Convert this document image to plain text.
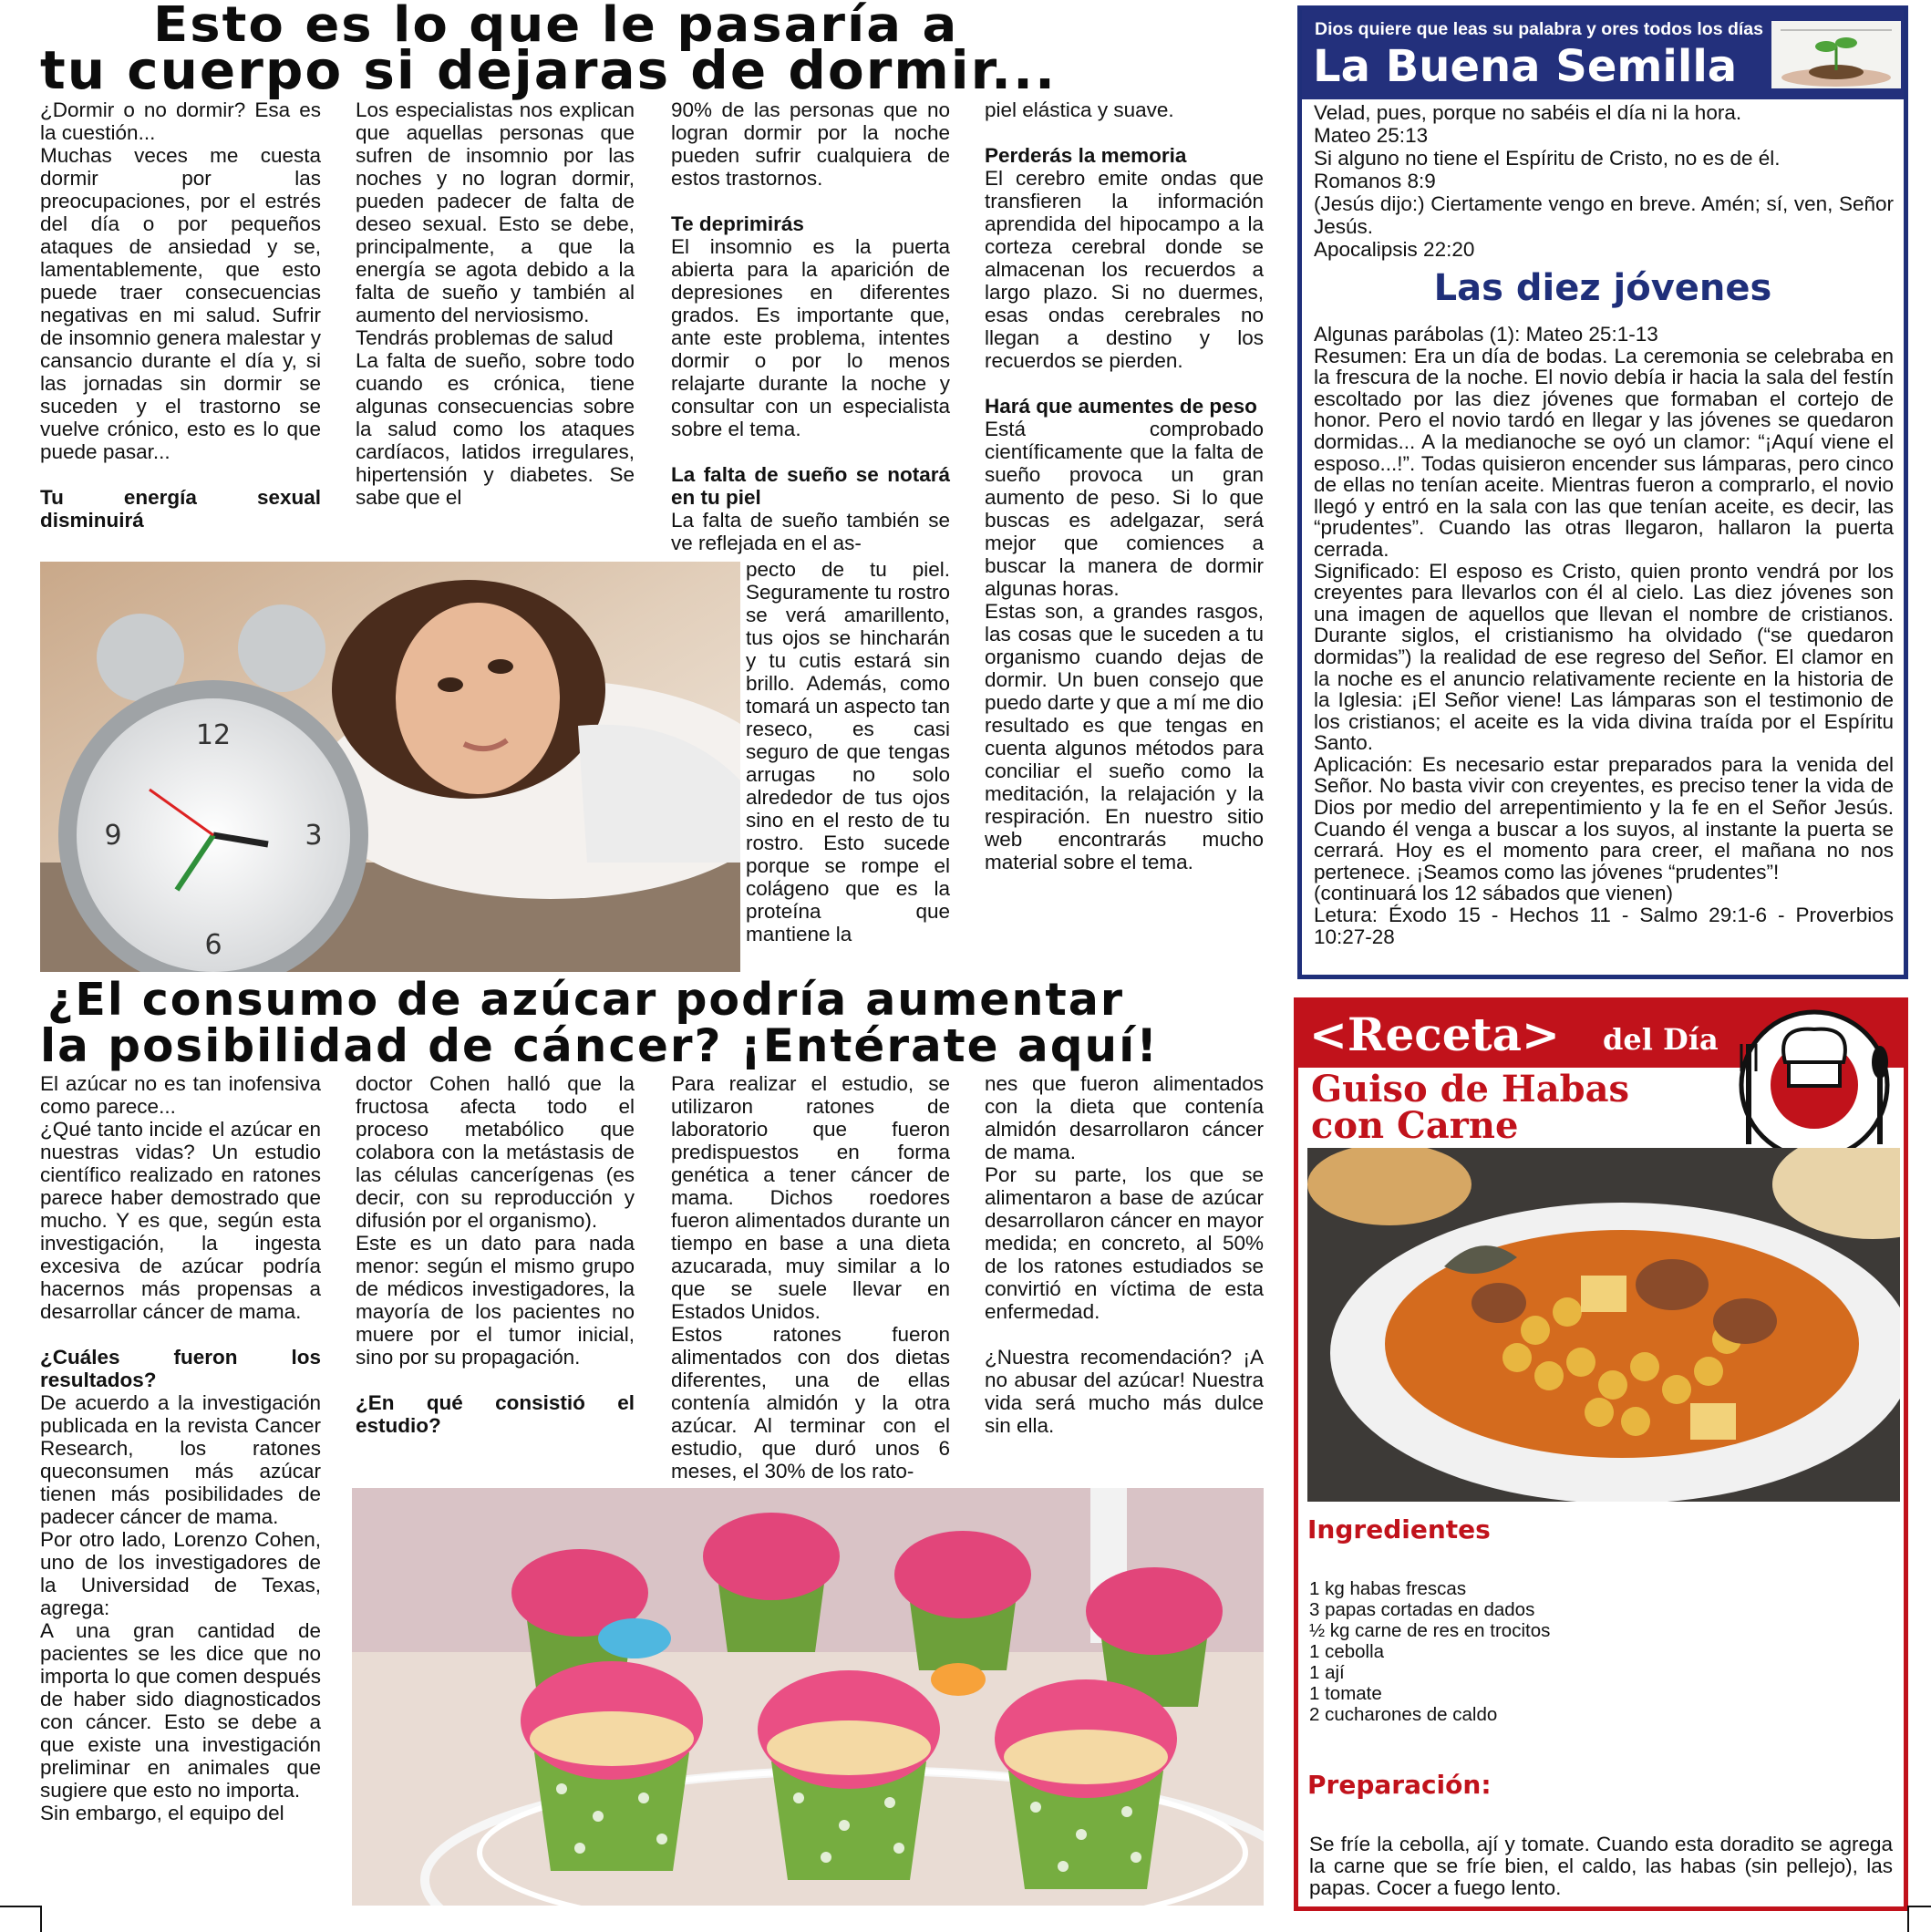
Esto es lo que le pasaría a
tu cuerpo si dejaras de dormir...

¿Dormir o no dormir? Esa es la cuestión...

Muchas veces me cuesta dormir por las preocupaciones, por el estrés del día o por pequeños ataques de ansiedad y se, lamentablemente, que esto puede traer consecuencias negativas en mi salud. Sufrir de insomnio genera malestar y cansancio durante el día y, si las jornadas sin dormir se suceden y el trastorno se vuelve crónico, esto es lo que puede pasar...

Tu energía sexual disminuirá

Los especialistas nos explican que aquellas personas que sufren de insomnio por las noches y no logran dormir, pueden padecer de falta de deseo sexual. Esto se debe, principalmente, a que la energía se agota debido a la falta de sueño y también al aumento del nerviosismo.

Tendrás problemas de salud

La falta de sueño, sobre todo cuando es crónica, tiene algunas consecuencias sobre la salud como los ataques cardíacos, latidos irregulares, hipertensión y diabetes. Se sabe que el

90% de las personas que no logran dormir por la noche pueden sufrir cualquiera de estos trastornos.

Te deprimirás

El insomnio es la puerta abierta para la aparición de depresiones en diferentes grados. Es importante que, ante este problema, intentes dormir o por lo menos relajarte durante la noche y consultar con un especialista sobre el tema.

La falta de sueño se notará en tu piel

La falta de sueño también se ve reflejada en el as-

pecto de tu piel. Seguramente tu rostro se verá amarillento, tus ojos se hincharán y tu cutis estará sin brillo. Además, como tomará un aspecto tan reseco, es casi seguro de que tengas arrugas no solo alrededor de tus ojos sino en el resto de tu rostro. Esto sucede porque se rompe el colágeno que es la proteína que mantiene la

piel elástica y suave.

Perderás la memoria

El cerebro emite ondas que transfieren la información aprendida del hipocampo a la corteza cerebral donde se almacenan los recuerdos a largo plazo. Si no duermes, esas ondas cerebrales no llegan a destino y los recuerdos se pierden.

Hará que aumentes de peso

Está comprobado científicamente que la falta de sueño provoca un gran aumento de peso. Si lo que buscas es adelgazar, será mejor que comiences a buscar la manera de dormir algunas horas.

Estas son, a grandes rasgos, las cosas que le suceden a tu organismo cuando dejas de dormir. Un buen consejo que puedo darte y que a mí me dio resultado es que tengas en cuenta algunos métodos para conciliar el sueño como la meditación, la relajación y la respiración. En nuestro sitio web encontrarás mucho material sobre el tema.

12
3
9
6
¿El consumo de azúcar podría aumentar
la posibilidad de cáncer? ¡Entérate aquí!

El azúcar no es tan inofensiva como parece...

¿Qué tanto incide el azúcar en nuestras vidas? Un estudio científico realizado en ratones parece haber demostrado que mucho. Y es que, según esta investigación, la ingesta excesiva de azúcar podría hacernos más propensas a desarrollar cáncer de mama.

¿Cuáles fueron los resultados?

De acuerdo a la investigación publicada en la revista Cancer Research, los ratones queconsumen más azúcar tienen más posibilidades de padecer cáncer de mama.

Por otro lado, Lorenzo Cohen, uno de los investigadores de la Universidad de Texas, agrega:

A una gran cantidad de pacientes se les dice que no importa lo que comen después de haber sido diagnosticados con cáncer. Esto se debe a que existe una investigación preliminar en animales que sugiere que esto no importa.

Sin embargo, el equipo del

doctor Cohen halló que la fructosa afecta todo el proceso metabólico que colabora con la metástasis de las células cancerígenas (es decir, con su reproducción y difusión por el organismo).

Este es un dato para nada menor: según el mismo grupo de médicos investigadores, la mayoría de los pacientes no muere por el tumor inicial, sino por su propagación.

¿En qué consistió el estudio?

Para realizar el estudio, se utilizaron ratones de laboratorio que fueron predispuestos en forma genética a tener cáncer de mama. Dichos roedores fueron alimentados durante un tiempo en base a una dieta azucarada, muy similar a lo que se suele llevar en Estados Unidos.

Estos ratones fueron alimentados con dos dietas diferentes, una de ellas contenía almidón y la otra azúcar. Al terminar con el estudio, que duró unos 6 meses, el 30% de los rato-

nes que fueron alimentados con la dieta que contenía almidón desarrollaron cáncer de mama.

Por su parte, los que se alimentaron a base de azúcar desarrollaron cáncer en mayor medida; en concreto, al 50% de los ratones estudiados se convirtió en víctima de esta enfermedad.

¿Nuestra recomendación? ¡A no abusar del azúcar! Nuestra vida será mucho más dulce sin ella.

Dios quiere que leas su palabra y ores todos los días
La Buena Semilla

Velad, pues, porque no sabéis el día ni la hora.

Mateo 25:13

Si alguno no tiene el Espíritu de Cristo, no es de él.

Romanos 8:9

(Jesús dijo:) Ciertamente vengo en breve. Amén; sí, ven, Señor Jesús.

Apocalipsis 22:20

Las diez jóvenes

Algunas parábolas (1): Mateo 25:1-13

Resumen: Era un día de bodas. La ceremonia se celebraba en la frescura de la noche. El novio debía ir hacia la sala del festín escoltado por las diez jóvenes que formaban el cortejo de honor. Pero el novio tardó en llegar y las jóvenes se quedaron dormidas... A la medianoche se oyó un clamor: “¡Aquí viene el esposo...!”. Todas quisieron encender sus lámparas, pero cinco de ellas no tenían aceite. Mientras fueron a comprarlo, el novio llegó y entró en la sala con las que tenían aceite, es decir, las “prudentes”. Cuando las otras llegaron, hallaron la puerta cerrada.

Significado: El esposo es Cristo, quien pronto vendrá por los creyentes para llevarlos con él al cielo. Las diez jóvenes son una imagen de aquellos que llevan el nombre de cristianos. Durante siglos, el cristianismo ha olvidado (“se quedaron dormidas”) la realidad de ese regreso del Señor. El clamor en la noche es el anuncio relativamente reciente en la historia de la Iglesia: ¡El Señor viene! Las lámparas son el testimonio de los cristianos; el aceite es la vida divina traída por el Espíritu Santo.

Aplicación: Es necesario estar preparados para la venida del Señor. No basta vivir con creyentes, es preciso tener la vida de Dios por medio del arrepentimiento y la fe en el Señor Jesús. Cuando él venga a buscar a los suyos, al instante la puerta se cerrará. Hoy es el momento para creer, el mañana no nos pertenece. ¡Seamos como las jóvenes “prudentes”!

(continuará los 12 sábados que vienen)

Letura: Éxodo 15 - Hechos 11 - Salmo 29:1-6 - Proverbios 10:27-28

<Receta> del Día
Guiso de Habas
con Carne
Ingredientes
1 kg habas frescas
3 papas cortadas en dados
½ kg carne de res en trocitos
1 cebolla
1 ají
1 tomate
2 cucharones de caldo
Preparación:
Se fríe la cebolla, ají y tomate. Cuando esta doradito se agrega la carne que se fríe bien, el caldo, las habas (sin pellejo), las papas. Cocer a fuego lento.
